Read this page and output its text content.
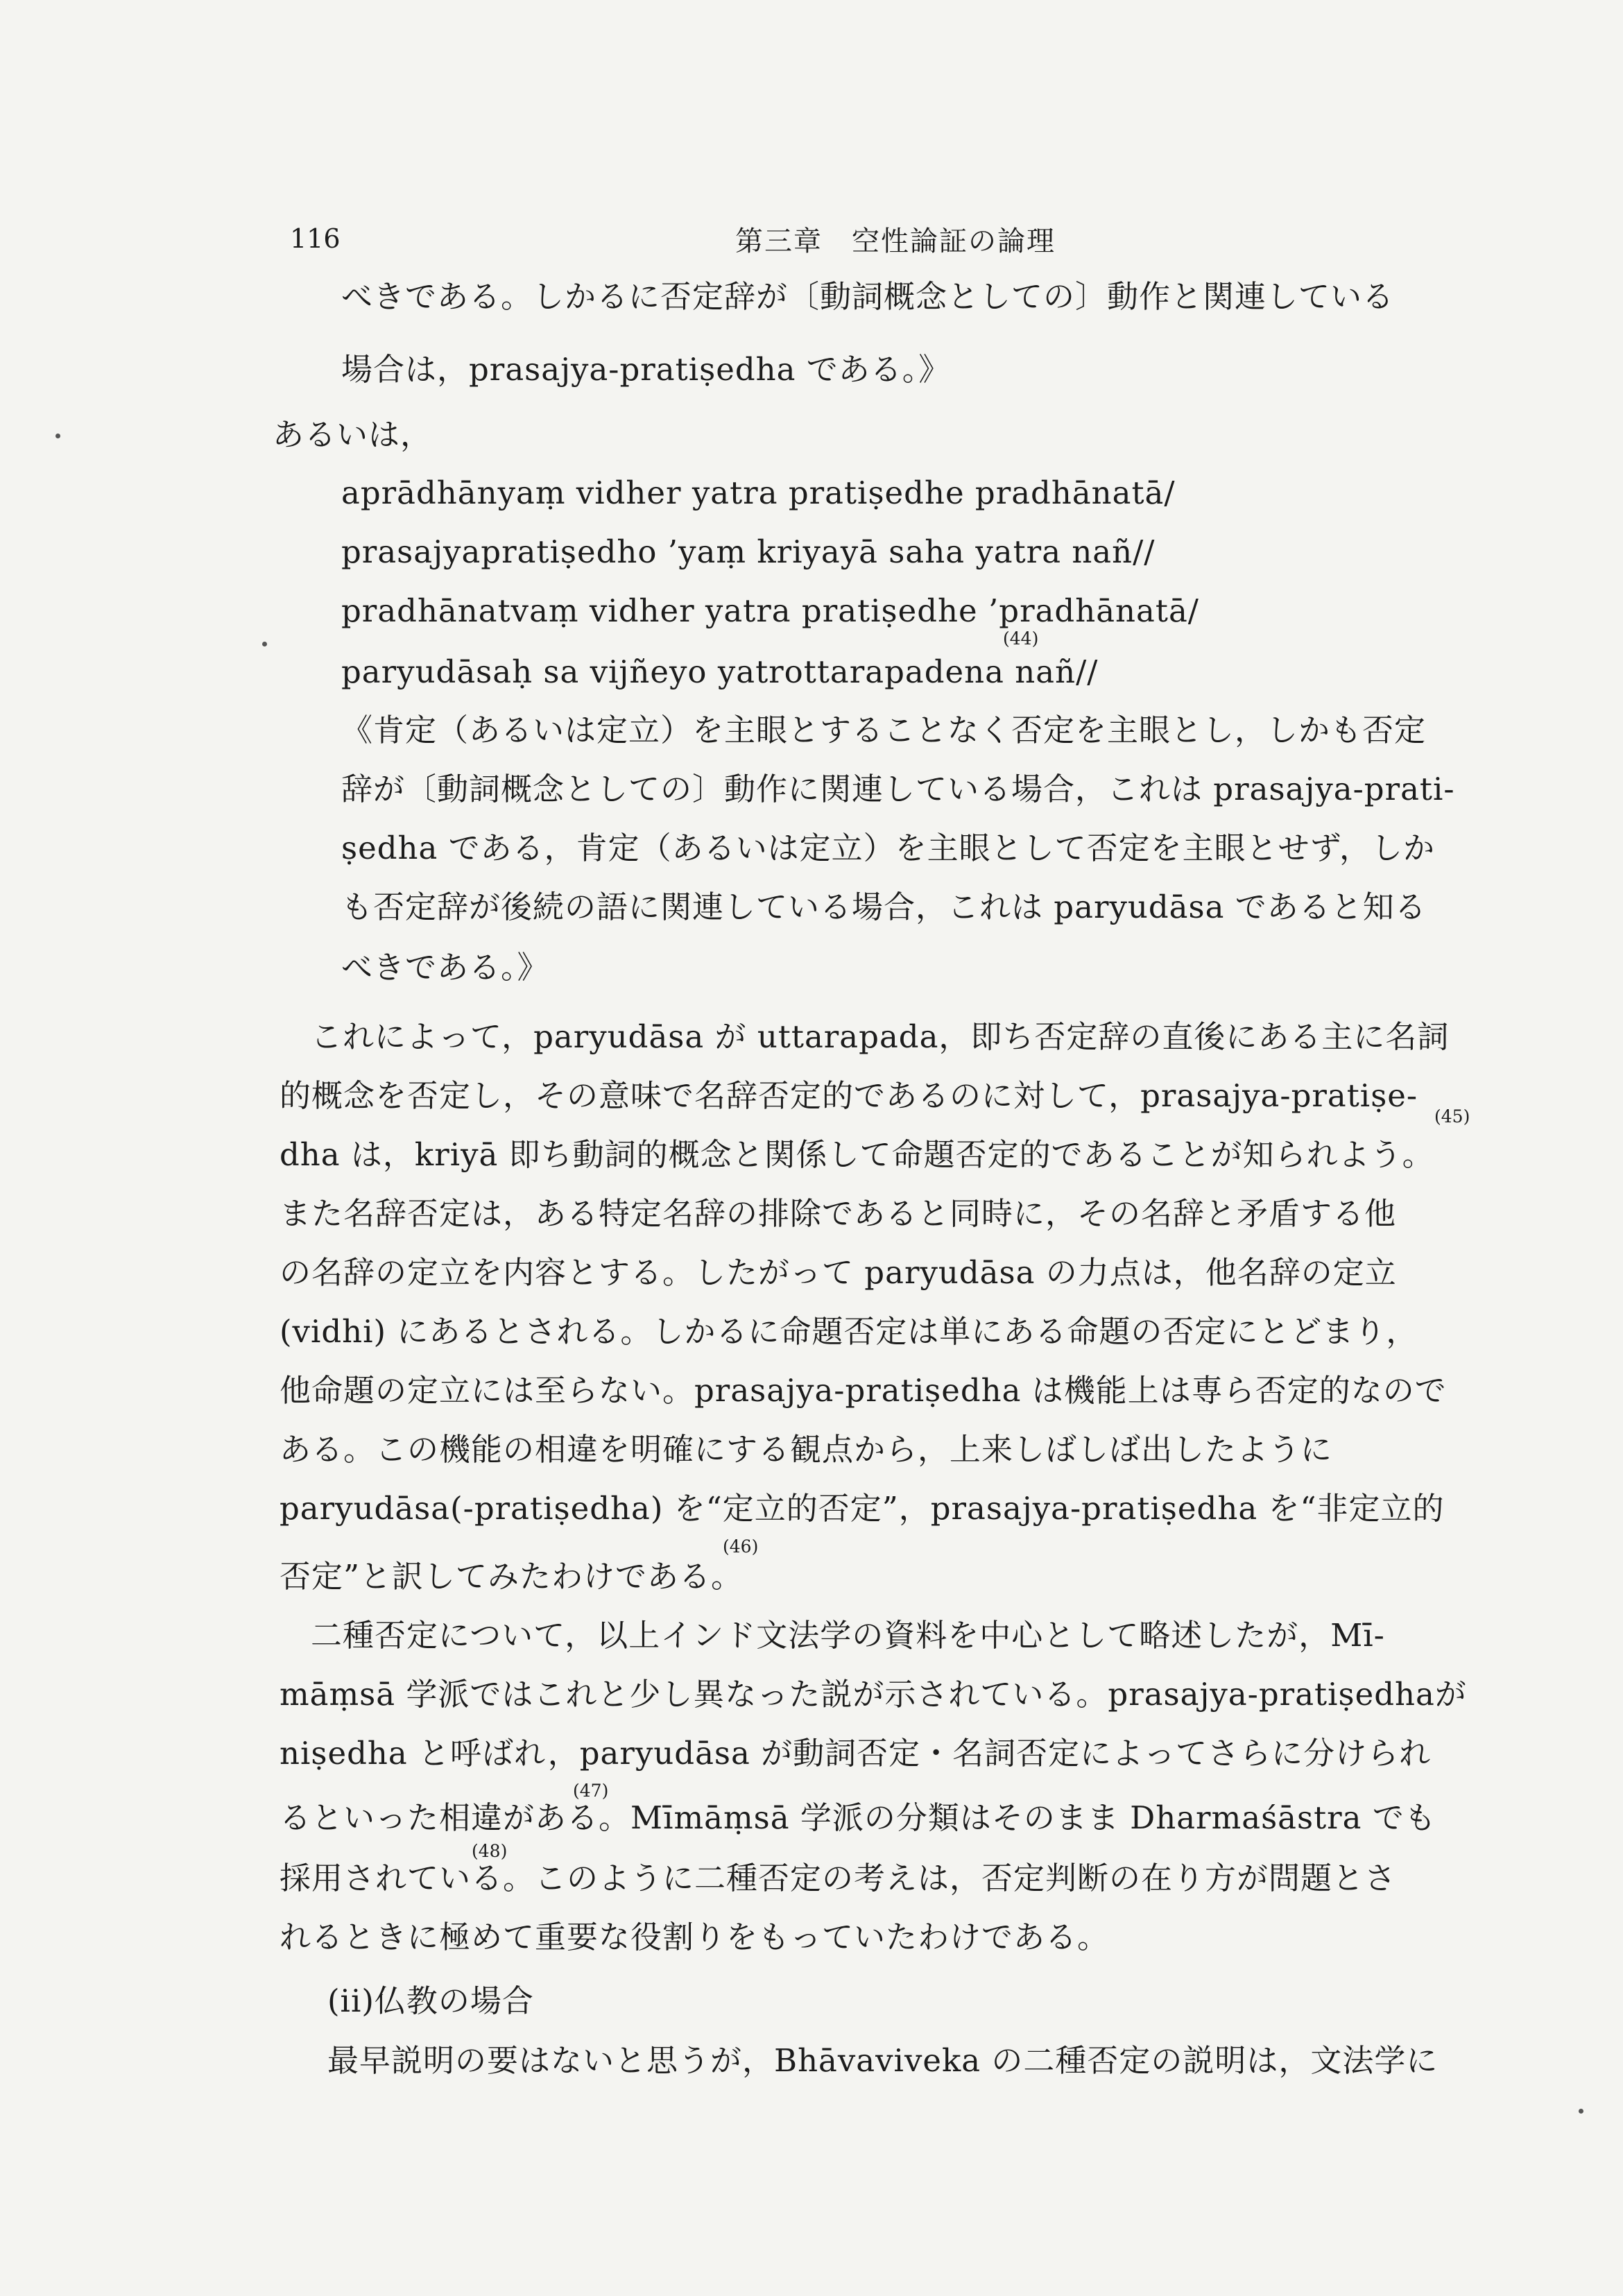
116	第三章　空性論証の論理
べきである。しかるに否定辞が〔動詞概念としての〕動作と関連している
場合は，prasajya-pratiṣedha である。》
あるいは，
aprādhānyaṃ vidher yatra pratiṣedhe pradhānatā/
prasajyapratiṣedho ’yaṃ kriyayā saha yatra nañ//
pradhānatvaṃ vidher yatra pratiṣedhe ’pradhānatā/
(44)
paryudāsaḥ sa vijñeyo yatrottarapadena nañ//
《肯定（あるいは定立）を主眼とすることなく否定を主眼とし，しかも否定
辞が〔動詞概念としての〕動作に関連している場合，これは prasajya-prati-
ṣedha である，肯定（あるいは定立）を主眼として否定を主眼とせず，しか
も否定辞が後続の語に関連している場合，これは paryudāsa であると知る
べきである。》
これによって，paryudāsa が uttarapada，即ち否定辞の直後にある主に名詞
的概念を否定し，その意味で名辞否定的であるのに対して，prasajya-pratiṣe-
(45)
dha は，kriyā 即ち動詞的概念と関係して命題否定的であることが知られよう。
また名辞否定は，ある特定名辞の排除であると同時に，その名辞と矛盾する他
の名辞の定立を内容とする。したがって paryudāsa の力点は，他名辞の定立
(vidhi) にあるとされる。しかるに命題否定は単にある命題の否定にとどまり，
他命題の定立には至らない。prasajya-pratiṣedha は機能上は専ら否定的なので
ある。この機能の相違を明確にする観点から，上来しばしば出したように
paryudāsa(-pratiṣedha) を“定立的否定”，prasajya-pratiṣedha を“非定立的
(46)
否定”と訳してみたわけである。
二種否定について，以上インド文法学の資料を中心として略述したが，Mī-
māṃsā 学派ではこれと少し異なった説が示されている。prasajya-pratiṣedhaが
niṣedha と呼ばれ，paryudāsa が動詞否定・名詞否定によってさらに分けられ
(47)
るといった相違がある。Mīmāṃsā 学派の分類はそのまま Dharmaśāstra でも
(48)
採用されている。このように二種否定の考えは，否定判断の在り方が問題とさ
れるときに極めて重要な役割りをもっていたわけである。
(ii)仏教の場合
最早説明の要はないと思うが，Bhāvaviveka の二種否定の説明は，文法学に
